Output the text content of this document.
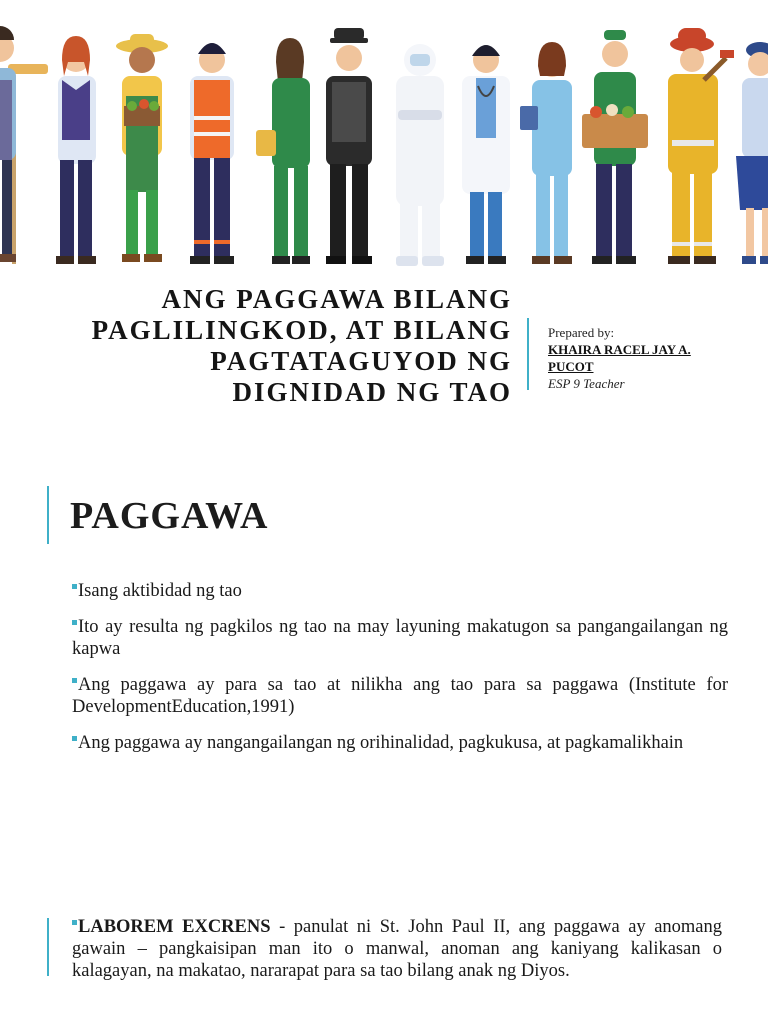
ANG PAGGAWA BILANG
PAGLILINGKOD, AT BILANG
PAGTATAGUYOD NG
DIGNIDAD NG TAO
Prepared by:
KHAIRA RACEL JAY A.
PUCOT
ESP 9 Teacher
PAGGAWA
Isang aktibidad ng tao
Ito ay resulta ng pagkilos ng tao na may layuning makatugon sa pangangailangan ng kapwa
Ang paggawa ay para sa tao at nilikha ang tao para sa paggawa (Institute for DevelopmentEducation,1991)
Ang paggawa ay nangangailangan ng orihinalidad, pagkukusa, at pagkamalikhain

LABOREM EXCRENS - panulat ni St. John Paul II, ang paggawa ay anomang gawain – pangkaisipan man ito o manwal, anoman ang kaniyang kalikasan o kalagayan, na makatao, nararapat para sa tao bilang anak ng Diyos.
